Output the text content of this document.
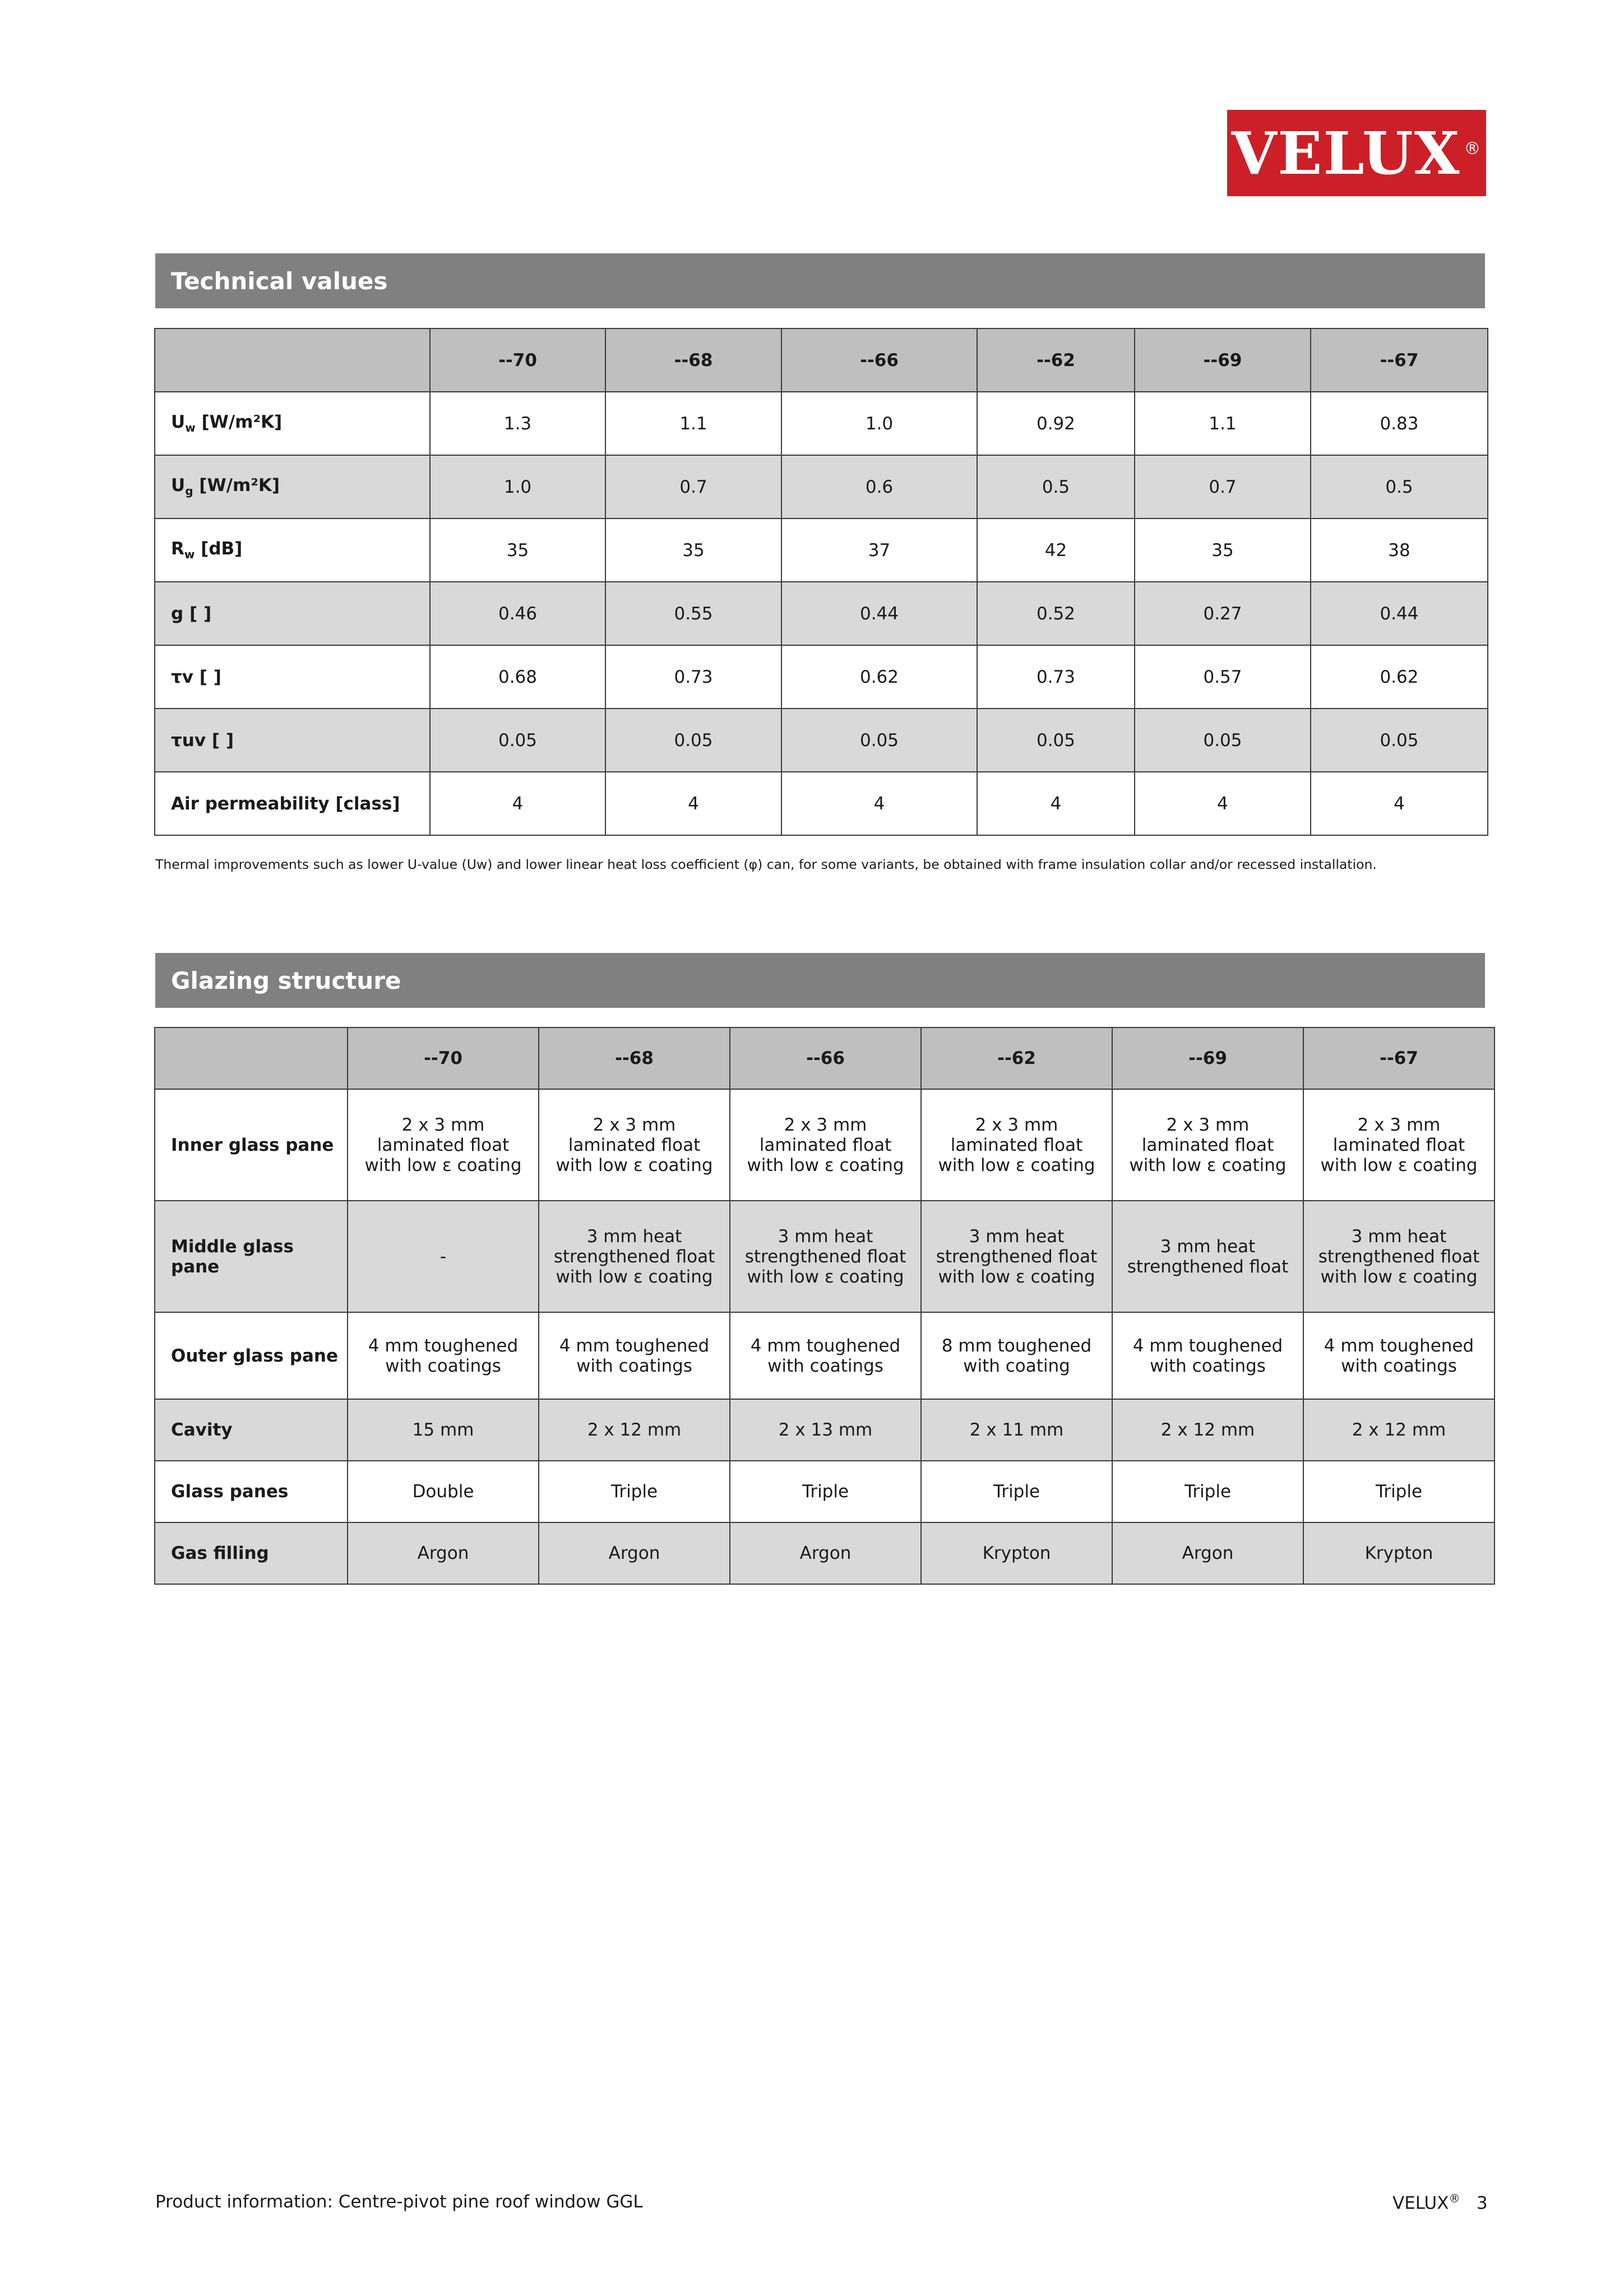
VELUX®
Technical values
	--70	--68	--66	--62	--69	--67
$U_w$ [W/m²K]	1.3	1.1	1.0	0.92	1.1	0.83
$U_g$ [W/m²K]	1.0	0.7	0.6	0.5	0.7	0.5
$R_w$ [dB]	35	35	37	42	35	38
g [ ]	0.46	0.55	0.44	0.52	0.27	0.44
τv [ ]	0.68	0.73	0.62	0.73	0.57	0.62
τuv [ ]	0.05	0.05	0.05	0.05	0.05	0.05
Air permeability [class]	4	4	4	4	4	4
Thermal improvements such as lower U-value (Uw) and lower linear heat loss coefficient (φ) can, for some variants, be obtained with frame insulation collar and/or recessed installation.
Glazing structure
	--70	--68	--66	--62	--69	--67
Inner glass pane	2 x 3 mm laminated float with low ε coating	2 x 3 mm laminated float with low ε coating	2 x 3 mm laminated float with low ε coating	2 x 3 mm laminated float with low ε coating	2 x 3 mm laminated float with low ε coating	2 x 3 mm laminated float with low ε coating
Middle glass pane	-	3 mm heat strengthened float with low ε coating	3 mm heat strengthened float with low ε coating	3 mm heat strengthened float with low ε coating	3 mm heat strengthened float	3 mm heat strengthened float with low ε coating
Outer glass pane	4 mm toughened with coatings	4 mm toughened with coatings	4 mm toughened with coatings	8 mm toughened with coating	4 mm toughened with coatings	4 mm toughened with coatings
Cavity	15 mm	2 x 12 mm	2 x 13 mm	2 x 11 mm	2 x 12 mm	2 x 12 mm
Glass panes	Double	Triple	Triple	Triple	Triple	Triple
Gas filling	Argon	Argon	Argon	Krypton	Argon	Krypton
Product information: Centre-pivot pine roof window GGL	VELUX® 3
